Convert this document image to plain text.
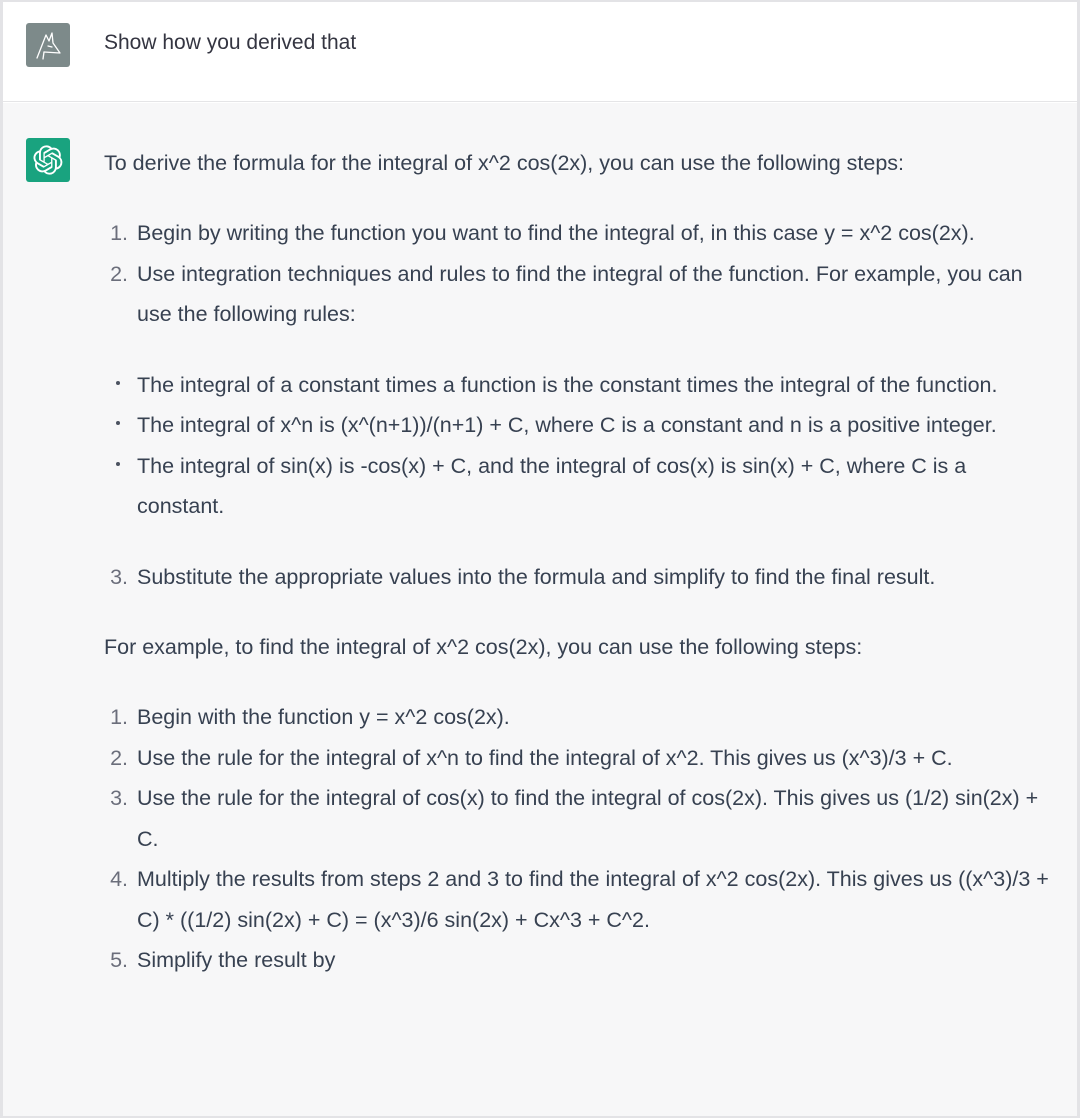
Show how you derived that
To derive the formula for the integral of x^2 cos(2x), you can use the following steps:
1. Begin by writing the function you want to find the integral of, in this case y = x^2 cos(2x).
2. Use integration techniques and rules to find the integral of the function. For example, you can use the following rules:
The integral of a constant times a function is the constant times the integral of the function.
The integral of x^n is (x^(n+1))/(n+1) + C, where C is a constant and n is a positive integer.
The integral of sin(x) is -cos(x) + C, and the integral of cos(x) is sin(x) + C, where C is a constant.
3. Substitute the appropriate values into the formula and simplify to find the final result.
For example, to find the integral of x^2 cos(2x), you can use the following steps:
1. Begin with the function y = x^2 cos(2x).
2. Use the rule for the integral of x^n to find the integral of x^2. This gives us (x^3)/3 + C.
3. Use the rule for the integral of cos(x) to find the integral of cos(2x). This gives us (1/2) sin(2x) + C.
4. Multiply the results from steps 2 and 3 to find the integral of x^2 cos(2x). This gives us ((x^3)/3 + C) * ((1/2) sin(2x) + C) = (x^3)/6 sin(2x) + Cx^3 + C^2.
5. Simplify the result by
